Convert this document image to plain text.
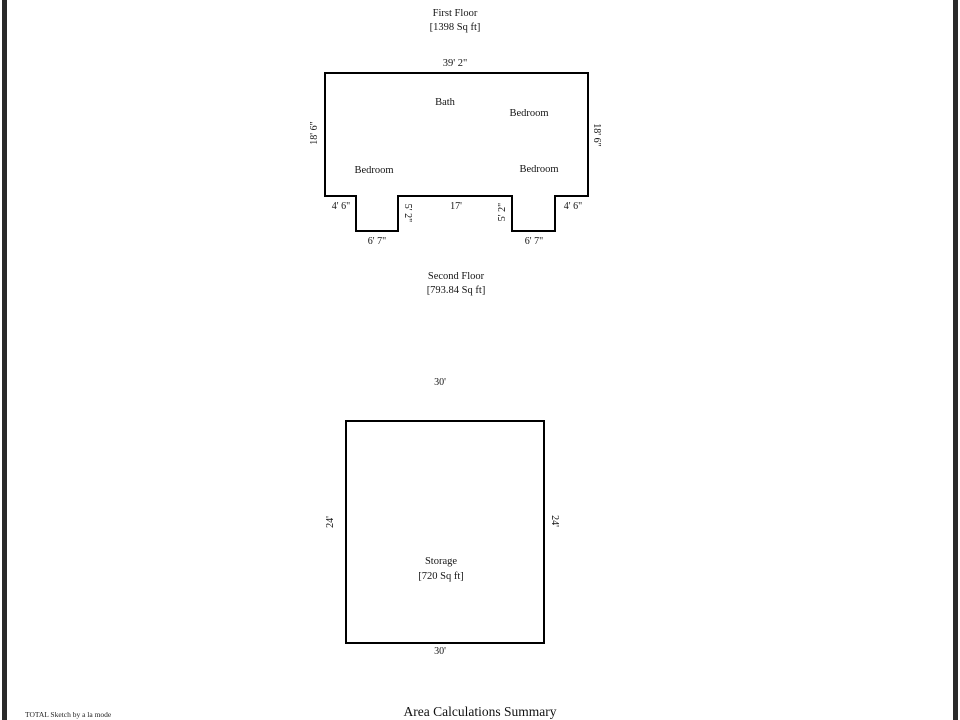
First Floor
[1398 Sq ft]
39' 2"
Bath
Bedroom
Bedroom	Bedroom
18' 6"	18' 6"
4' 6"	5' 2"	17'	5' 2"	4' 6"
6' 7"	6' 7"
Second Floor
[793.84 Sq ft]
30'
24'	24'
Storage
[720 Sq ft]
30'
TOTAL Sketch by a la mode	Area Calculations Summary
